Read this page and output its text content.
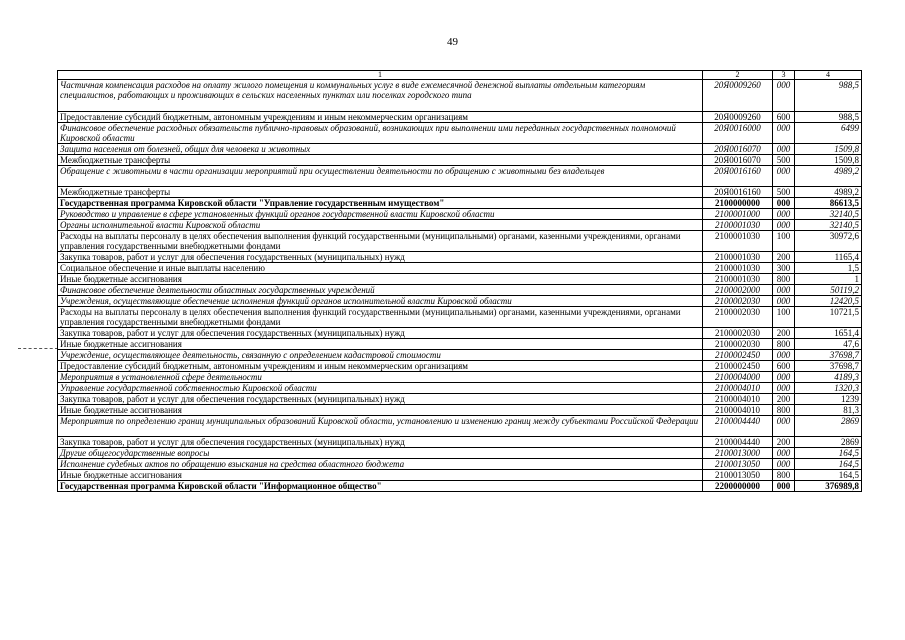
49
1	2	3	4
Частичная компенсация расходов на оплату жилого помещения и коммунальных услуг в виде ежемесячной денежной выплаты отдельным категориям специалистов, работающих и проживающих в сельских населенных пунктах или поселках городского типа	20Я0009260	000	988,5
Предоставление субсидий бюджетным, автономным учреждениям и иным некоммерческим организациям	20Я0009260	600	988,5
Финансовое обеспечение расходных обязательств публично-правовых образований, возникающих при выполнении ими переданных государственных полномочий Кировской области	20Я0016000	000	6499
Защита населения от болезней, общих для человека и животных	20Я0016070	000	1509,8
Межбюджетные трансферты	20Я0016070	500	1509,8
Обращение с животными в части организации мероприятий при осуществлении деятельности по обращению с животными без владельцев	20Я0016160	000	4989,2
Межбюджетные трансферты	20Я0016160	500	4989,2
Государственная программа Кировской области "Управление государственным имуществом"	2100000000	000	86613,5
Руководство и управление в сфере установленных функций органов государственной власти Кировской области	2100001000	000	32140,5
Органы исполнительной власти Кировской области	2100001030	000	32140,5
Расходы на выплаты персоналу в целях обеспечения выполнения функций государственными (муниципальными) органами, казенными учреждениями, органами управления государственными внебюджетными фондами	2100001030	100	30972,6
Закупка товаров, работ и услуг для обеспечения государственных (муниципальных) нужд	2100001030	200	1165,4
Социальное обеспечение и иные выплаты населению	2100001030	300	1,5
Иные бюджетные ассигнования	2100001030	800	1
Финансовое обеспечение деятельности областных государственных учреждений	2100002000	000	50119,2
Учреждения, осуществляющие обеспечение исполнения функций органов исполнительной власти Кировской области	2100002030	000	12420,5
Расходы на выплаты персоналу в целях обеспечения выполнения функций государственными (муниципальными) органами, казенными учреждениями, органами управления государственными внебюджетными фондами	2100002030	100	10721,5
Закупка товаров, работ и услуг для обеспечения государственных (муниципальных) нужд	2100002030	200	1651,4
Иные бюджетные ассигнования	2100002030	800	47,6
Учреждение, осуществляющее деятельность, связанную с определением кадастровой стоимости	2100002450	000	37698,7
Предоставление субсидий бюджетным, автономным учреждениям и иным некоммерческим организациям	2100002450	600	37698,7
Мероприятия в установленной сфере деятельности	2100004000	000	4189,3
Управление государственной собственностью Кировской области	2100004010	000	1320,3
Закупка товаров, работ и услуг для обеспечения государственных (муниципальных) нужд	2100004010	200	1239
Иные бюджетные ассигнования	2100004010	800	81,3
Мероприятия по определению границ муниципальных образований Кировской области, установлению и изменению границ между субъектами Российской Федерации	2100004440	000	2869
Закупка товаров, работ и услуг для обеспечения государственных (муниципальных) нужд	2100004440	200	2869
Другие общегосударственные вопросы	2100013000	000	164,5
Исполнение судебных актов по обращению взыскания на средства областного бюджета	2100013050	000	164,5
Иные бюджетные ассигнования	2100013050	800	164,5
Государственная программа Кировской области "Информационное общество"	2200000000	000	376989,8
